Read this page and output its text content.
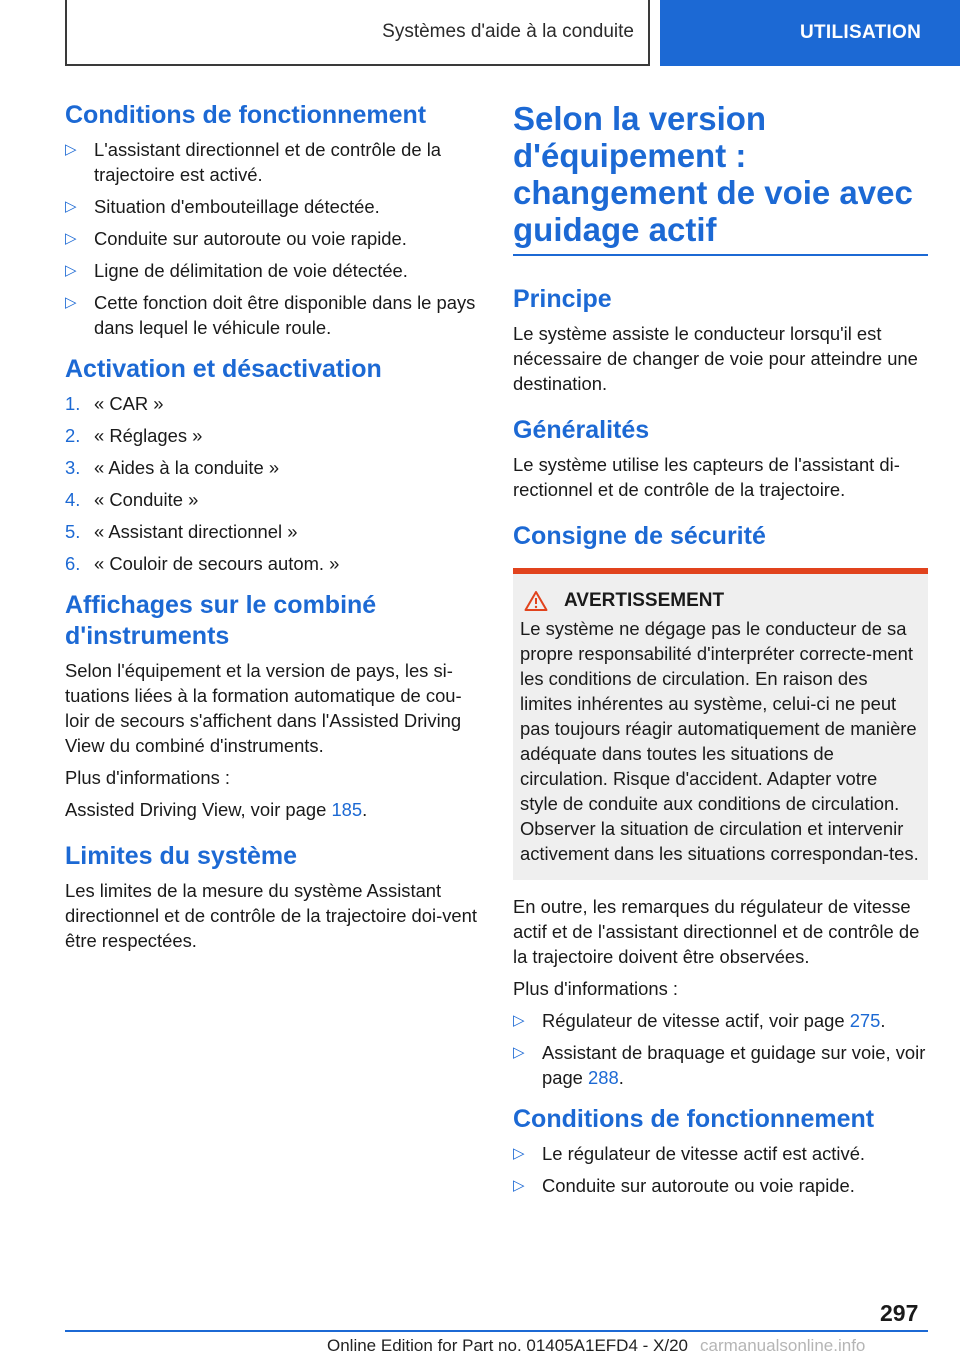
Systèmes d'aide à la conduite	UTILISATION
Conditions de fonctionnement
▷ L'assistant directionnel et de contrôle de la trajectoire est activé.
▷ Situation d'embouteillage détectée.
▷ Conduite sur autoroute ou voie rapide.
▷ Ligne de délimitation de voie détectée.
▷ Cette fonction doit être disponible dans le pays dans lequel le véhicule roule.
Activation et désactivation
1. « CAR »
2. « Réglages »
3. « Aides à la conduite »
4. « Conduite »
5. « Assistant directionnel »
6. « Couloir de secours autom. »
Affichages sur le combiné d'instruments

Selon l'équipement et la version de pays, les si-tuations liées à la formation automatique de cou-loir de secours s'affichent dans l'Assisted Driving View du combiné d'instruments.

Plus d'informations :

Assisted Driving View, voir page 185.

Limites du système

Les limites de la mesure du système Assistant directionnel et de contrôle de la trajectoire doi-vent être respectées.

Selon la version d'équipement : changement de voie avec guidage actif
Principe

Le système assiste le conducteur lorsqu'il est nécessaire de changer de voie pour atteindre une destination.

Généralités

Le système utilise les capteurs de l'assistant di-rectionnel et de contrôle de la trajectoire.

Consigne de sécurité
AVERTISSEMENT

Le système ne dégage pas le conducteur de sa propre responsabilité d'interpréter correcte-ment les conditions de circulation. En raison des limites inhérentes au système, celui-ci ne peut pas toujours réagir automatiquement de manière adéquate dans toutes les situations de circulation. Risque d'accident. Adapter votre style de conduite aux conditions de circulation. Observer la situation de circulation et intervenir activement dans les situations correspondan-tes.

En outre, les remarques du régulateur de vitesse actif et de l'assistant directionnel et de contrôle de la trajectoire doivent être observées.

Plus d'informations :

▷ Régulateur de vitesse actif, voir page 275.
▷ Assistant de braquage et guidage sur voie, voir page 288.
Conditions de fonctionnement
▷ Le régulateur de vitesse actif est activé.
▷ Conduite sur autoroute ou voie rapide.
297
Online Edition for Part no. 01405A1EFD4 - X/20 carmanualsonline.info
